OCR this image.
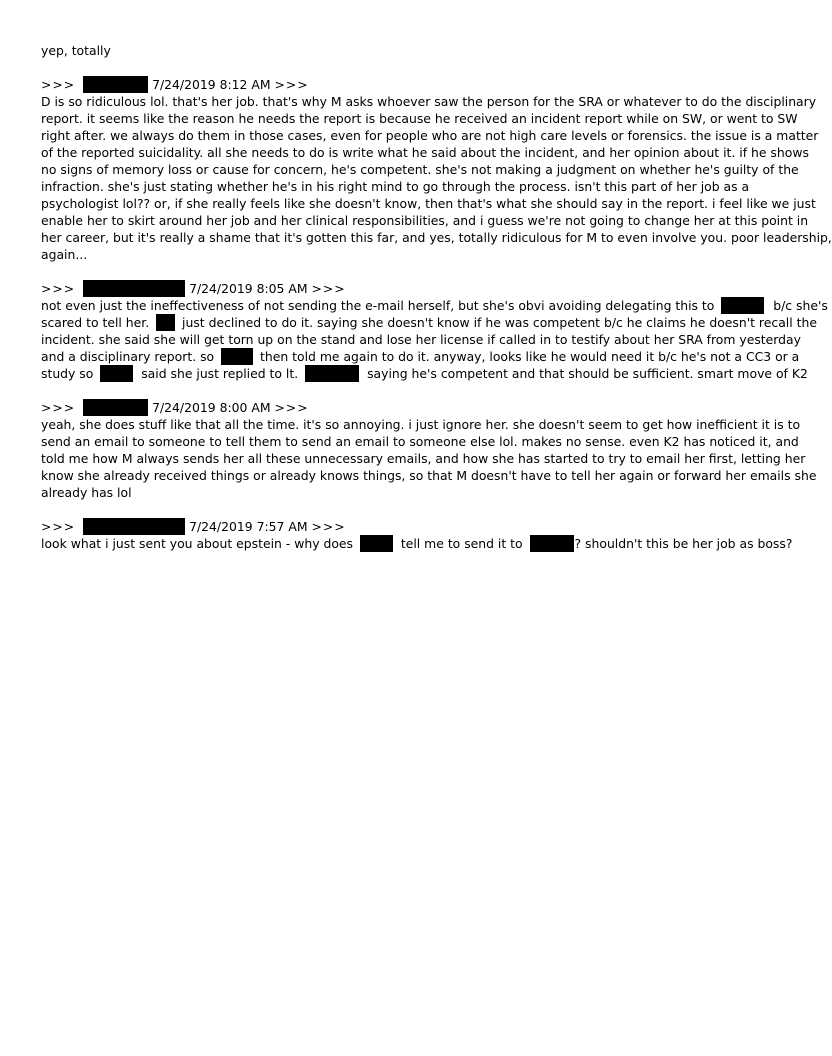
yep, totally
>>>	7/24/2019 8:12 AM >>>
D is so ridiculous lol. that's her job. that's why M asks whoever saw the person for the SRA or whatever to do the disciplinary
report. it seems like the reason he needs the report is because he received an incident report while on SW, or went to SW
right after. we always do them in those cases, even for people who are not high care levels or forensics. the issue is a matter
of the reported suicidality. all she needs to do is write what he said about the incident, and her opinion about it. if he shows
no signs of memory loss or cause for concern, he's competent. she's not making a judgment on whether he's guilty of the
infraction. she's just stating whether he's in his right mind to go through the process. isn't this part of her job as a
psychologist lol?? or, if she really feels like she doesn't know, then that's what she should say in the report. i feel like we just
enable her to skirt around her job and her clinical responsibilities, and i guess we're not going to change her at this point in
her career, but it's really a shame that it's gotten this far, and yes, totally ridiculous for M to even involve you. poor leadership,
again...
>>>	7/24/2019 8:05 AM >>>
not even just the ineffectiveness of not sending the e-mail herself, but she's obvi avoiding delegating this to	b/c she's
scared to tell her.  just declined to do it. saying she doesn't know if he was competent b/c he claims he doesn't recall the
incident. she said she will get torn up on the stand and lose her license if called in to testify about her SRA from yesterday
and a disciplinary report. so	then told me again to do it. anyway, looks like he would need it b/c he's not a CC3 or a
study so	said she just replied to lt.	saying he's competent and that should be sufficient. smart move of K2
>>>	7/24/2019 8:00 AM >>>
yeah, she does stuff like that all the time. it's so annoying. i just ignore her. she doesn't seem to get how inefficient it is to
send an email to someone to tell them to send an email to someone else lol. makes no sense. even K2 has noticed it, and
told me how M always sends her all these unnecessary emails, and how she has started to try to email her first, letting her
know she already received things or already knows things, so that M doesn't have to tell her again or forward her emails she
already has lol
>>>	7/24/2019 7:57 AM >>>
look what i just sent you about epstein - why does	tell me to send it to	? shouldn't this be her job as boss?
